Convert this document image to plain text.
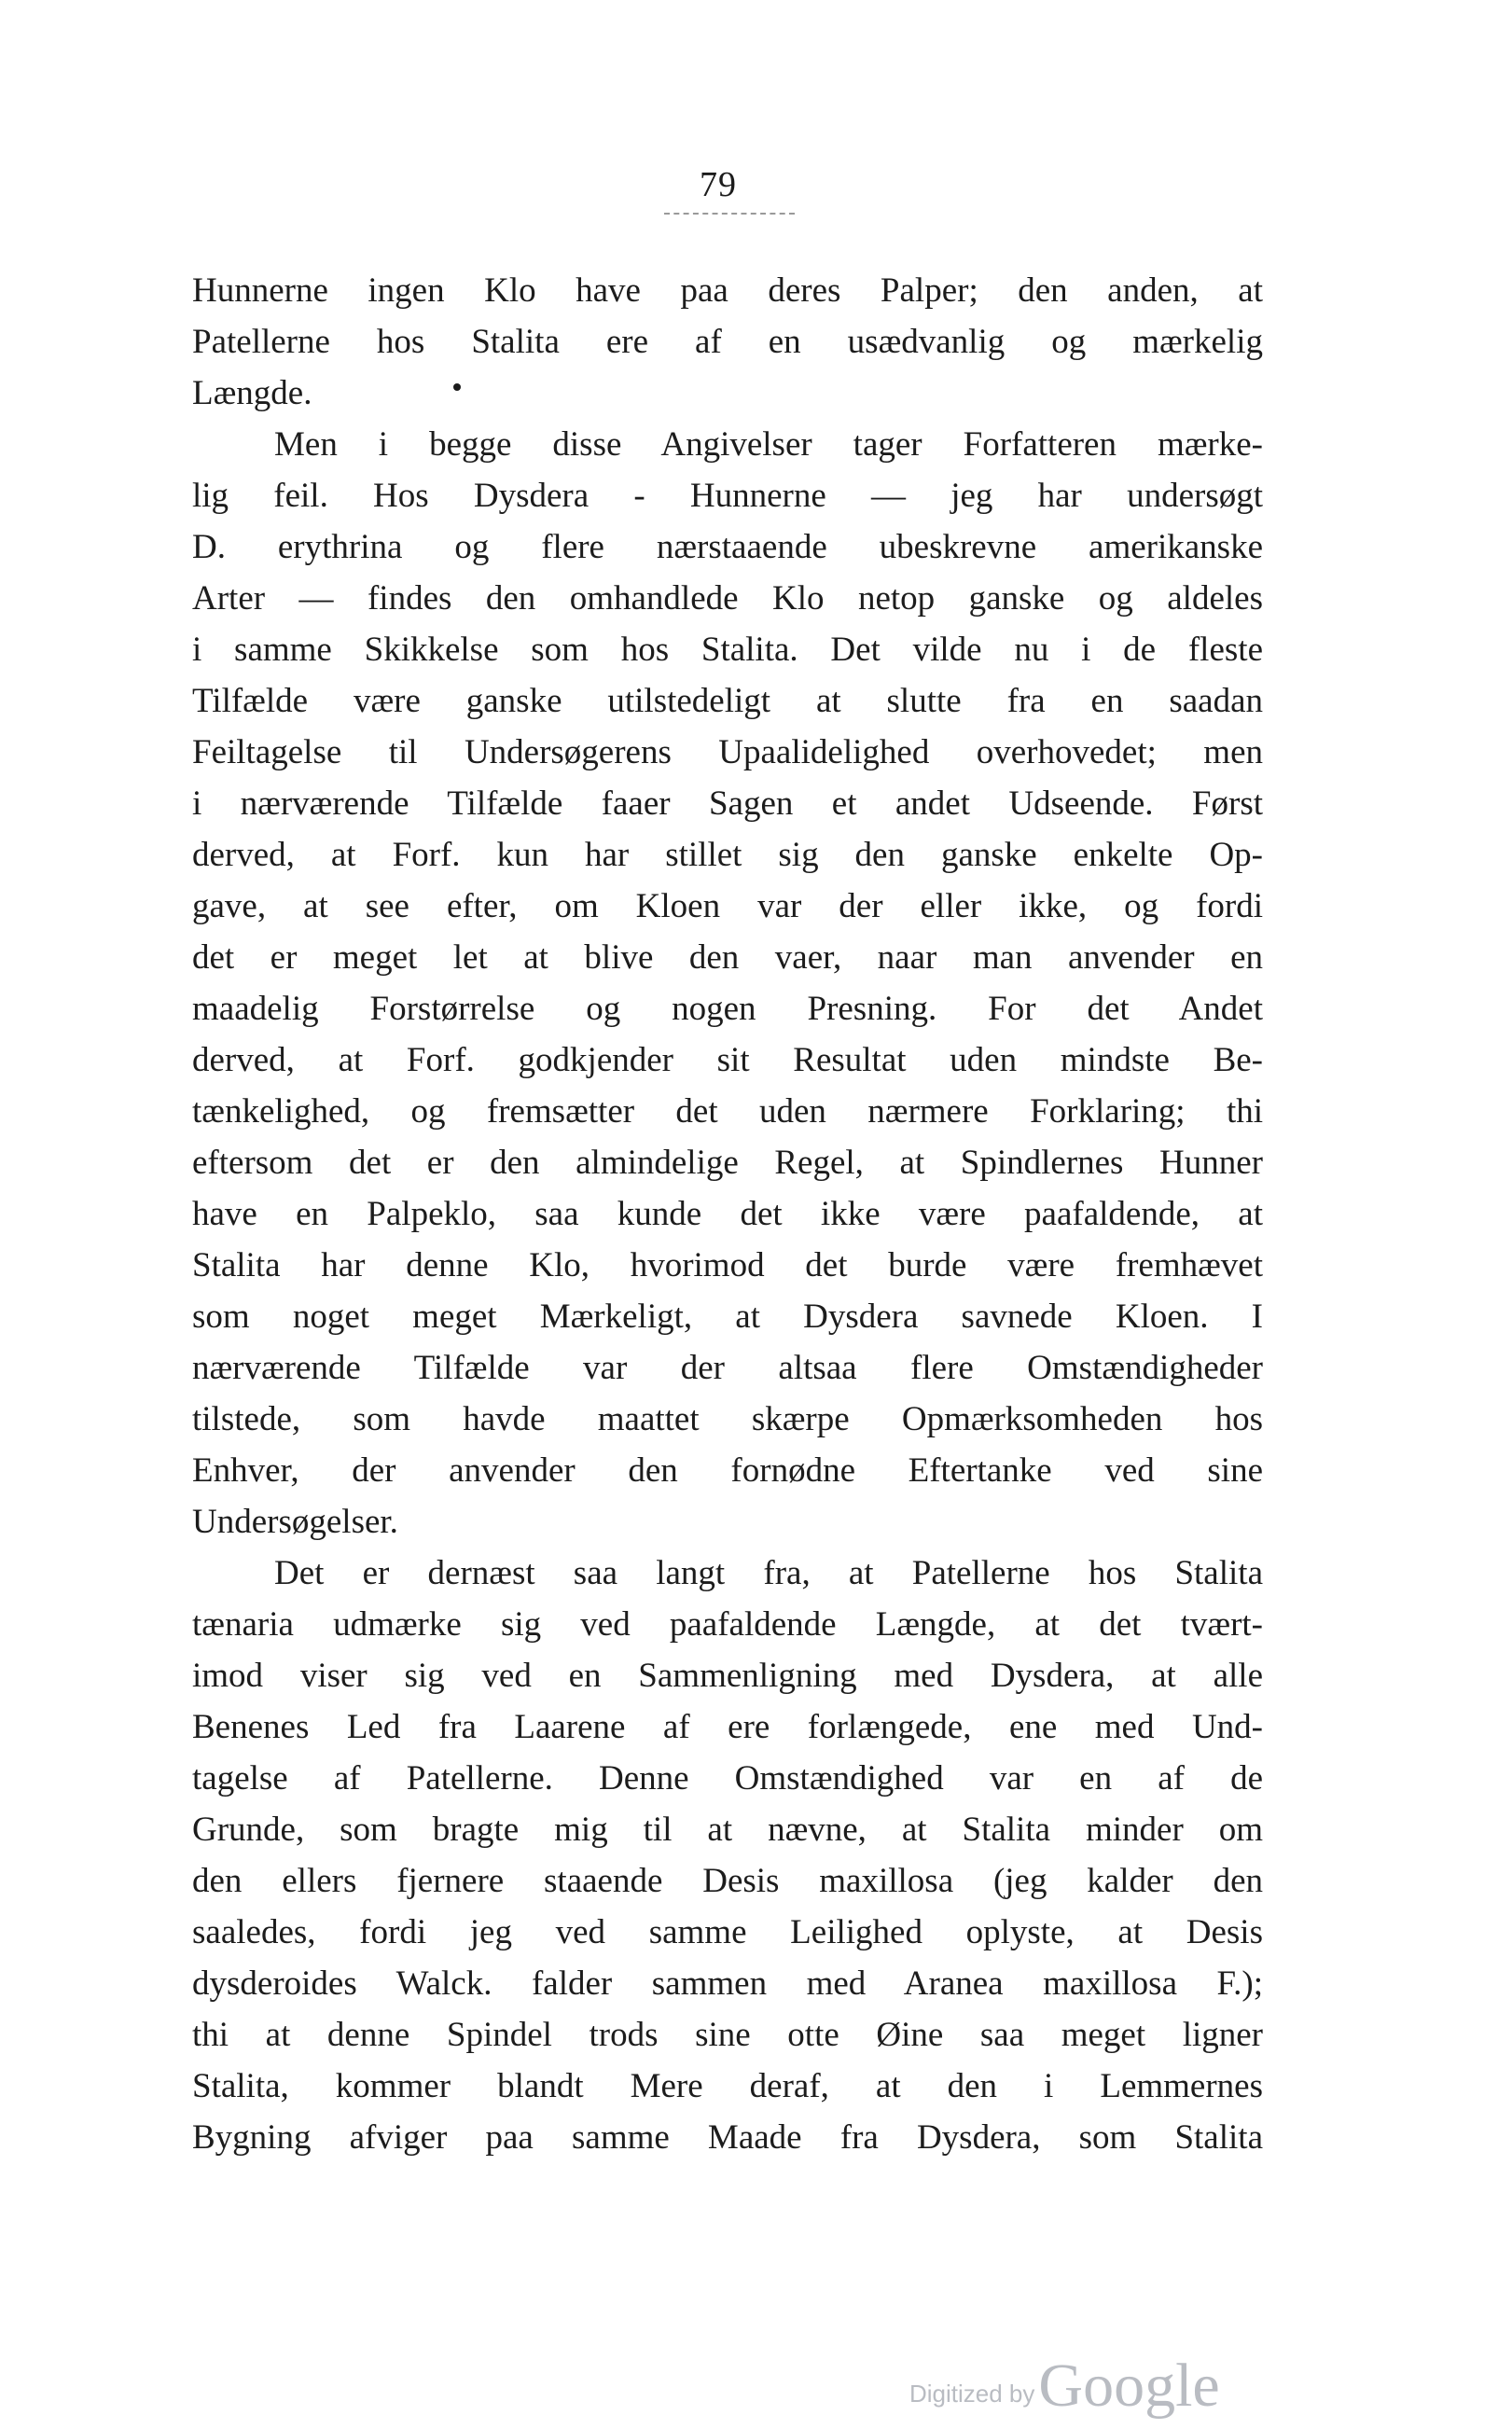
79
Hunnerne ingen Klo have paa deres Palper; den anden, at
Patellerne hos Stalita ere af en usædvanlig og mærkelig
Længde.
Men i begge disse Angivelser tager Forfatteren mærke-
lig feil. Hos Dysdera - Hunnerne — jeg har undersøgt
D. erythrina og flere nærstaaende ubeskrevne amerikanske
Arter — findes den omhandlede Klo netop ganske og aldeles
i samme Skikkelse som hos Stalita. Det vilde nu i de fleste
Tilfælde være ganske utilstedeligt at slutte fra en saadan
Feiltagelse til Undersøgerens Upaalidelighed overhovedet; men
i nærværende Tilfælde faaer Sagen et andet Udseende. Først
derved, at Forf. kun har stillet sig den ganske enkelte Op-
gave, at see efter, om Kloen var der eller ikke, og fordi
det er meget let at blive den vaer, naar man anvender en
maadelig Forstørrelse og nogen Presning. For det Andet
derved, at Forf. godkjender sit Resultat uden mindste Be-
tænkelighed, og fremsætter det uden nærmere Forklaring; thi
eftersom det er den almindelige Regel, at Spindlernes Hunner
have en Palpeklo, saa kunde det ikke være paafaldende, at
Stalita har denne Klo, hvorimod det burde være fremhævet
som noget meget Mærkeligt, at Dysdera savnede Kloen. I
nærværende Tilfælde var der altsaa flere Omstændigheder
tilstede, som havde maattet skærpe Opmærksomheden hos
Enhver, der anvender den fornødne Eftertanke ved sine
Undersøgelser.
Det er dernæst saa langt fra, at Patellerne hos Stalita
tænaria udmærke sig ved paafaldende Længde, at det tvært-
imod viser sig ved en Sammenligning med Dysdera, at alle
Benenes Led fra Laarene af ere forlængede, ene med Und-
tagelse af Patellerne. Denne Omstændighed var en af de
Grunde, som bragte mig til at nævne, at Stalita minder om
den ellers fjernere staaende Desis maxillosa (jeg kalder den
saaledes, fordi jeg ved samme Leilighed oplyste, at Desis
dysderoides Walck. falder sammen med Aranea maxillosa F.);
thi at denne Spindel trods sine otte Øine saa meget ligner
Stalita, kommer blandt Mere deraf, at den i Lemmernes
Bygning afviger paa samme Maade fra Dysdera, som Stalita
Digitized byGoogle
